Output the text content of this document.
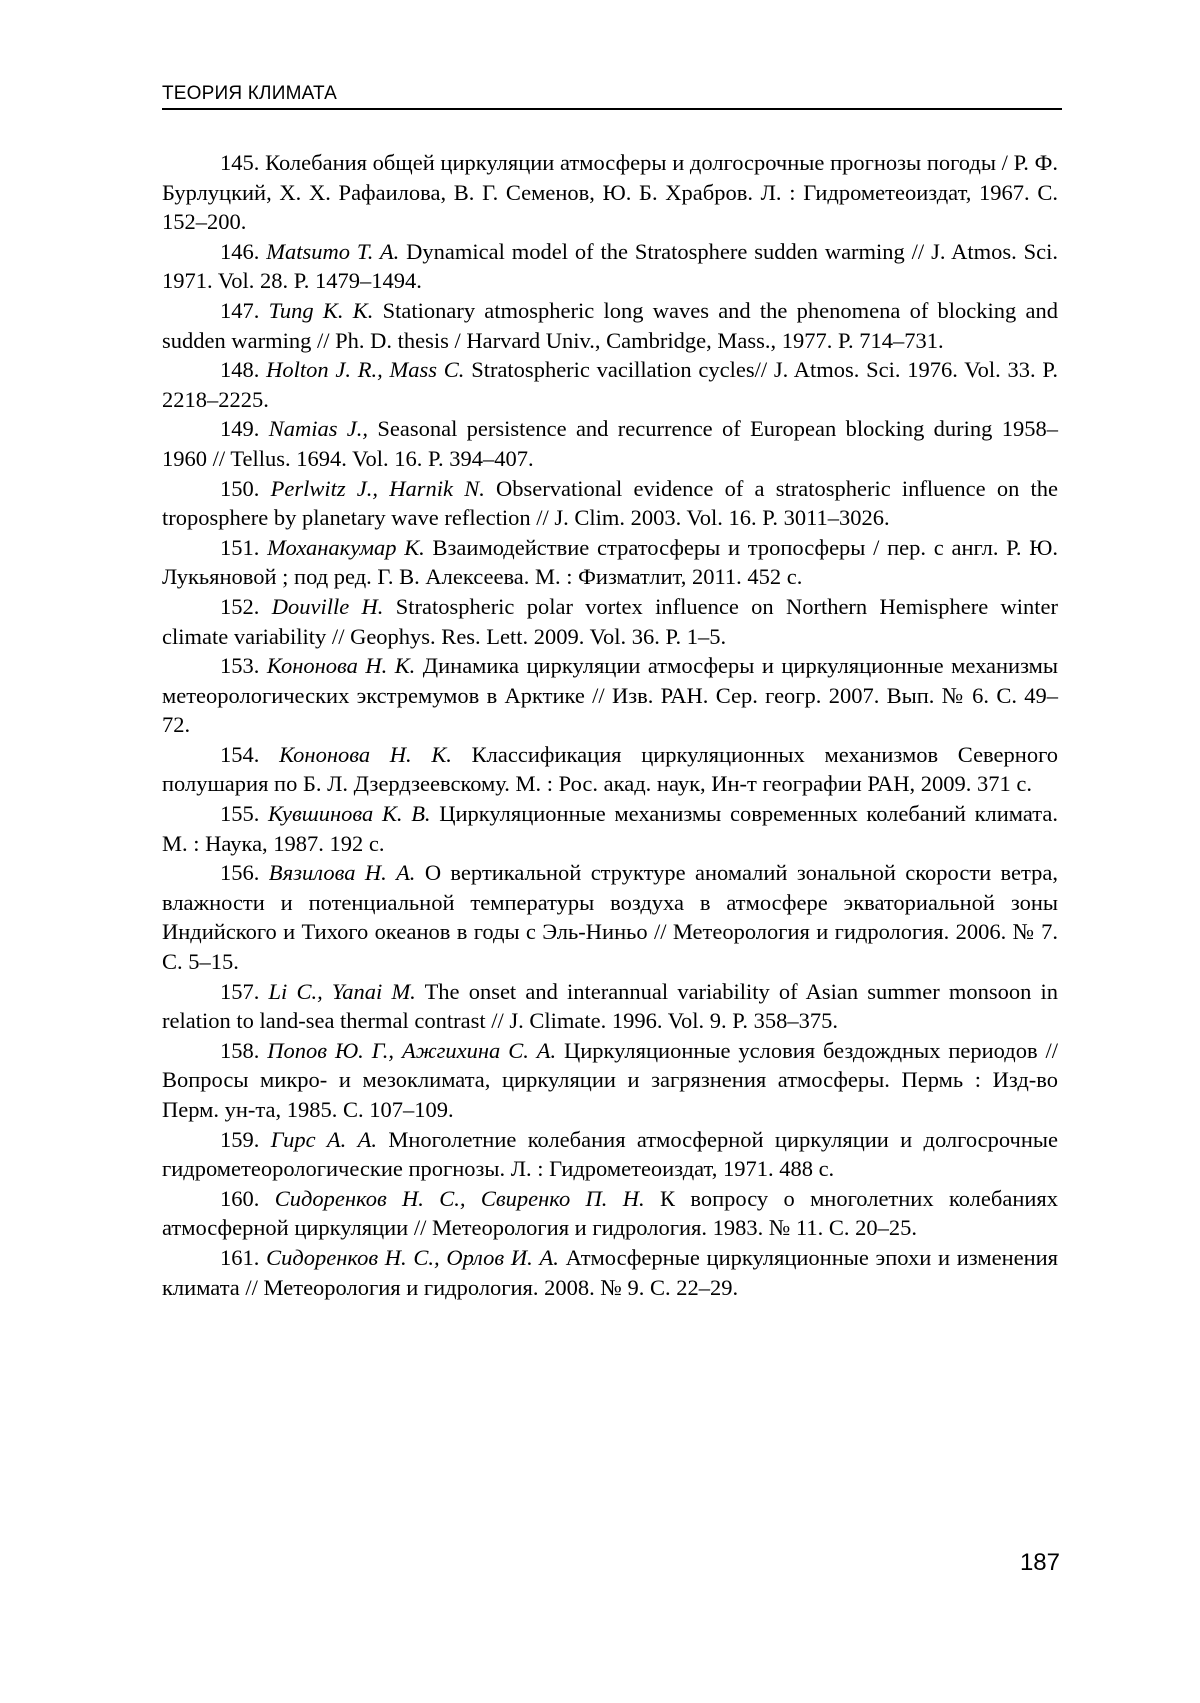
ТЕОРИЯ КЛИМАТА

145. Колебания общей циркуляции атмосферы и долгосрочные прогнозы погоды / Р. Ф. Бурлуцкий, Х. Х. Рафаилова, В. Г. Семенов, Ю. Б. Храбров. Л. : Гидрометеоиздат, 1967. С. 152–200.

146. Matsumo T. A. Dynamical model of the Stratosphere sudden warming // J. Atmos. Sci. 1971. Vol. 28. P. 1479–1494.

147. Tung K. K. Stationary atmospheric long waves and the phenomena of blocking and sudden warming // Ph. D. thesis / Harvard Univ., Cambridge, Mass., 1977. P. 714–731.

148. Holton J. R., Mass C. Stratospheric vacillation cycles// J. Atmos. Sci. 1976. Vol. 33. P. 2218–2225.

149. Namias J., Seasonal persistence and recurrence of European blocking during 1958–1960 // Tellus. 1694. Vol. 16. P. 394–407.

150. Perlwitz J., Harnik N. Observational evidence of a stratospheric influence on the troposphere by planetary wave reflection // J. Clim. 2003. Vol. 16. P. 3011–3026.

151. Моханакумар К. Взаимодействие стратосферы и тропосферы / пер. с англ. Р. Ю. Лукьяновой ; под ред. Г. В. Алексеева. М. : Физматлит, 2011. 452 с.

152. Douville H. Stratospheric polar vortex influence on Northern Hemisphere winter climate variability // Geophys. Res. Lett. 2009. Vol. 36. P. 1–5.

153. Кононова Н. К. Динамика циркуляции атмосферы и циркуляционные механизмы метеорологических экстремумов в Арктике // Изв. РАН. Сер. геогр. 2007. Вып. № 6. С. 49–72.

154. Кононова Н. К. Классификация циркуляционных механизмов Северного полушария по Б. Л. Дзердзеевскому. М. : Рос. акад. наук, Ин-т географии РАН, 2009. 371 с.

155. Кувшинова К. В. Циркуляционные механизмы современных колебаний климата. М. : Наука, 1987. 192 с.

156. Вязилова Н. А. О вертикальной структуре аномалий зональной скорости ветра, влажности и потенциальной температуры воздуха в атмосфере экваториальной зоны Индийского и Тихого океанов в годы с Эль-Ниньо // Метеорология и гидрология. 2006. № 7. С. 5–15.

157. Li C., Yanai M. The onset and interannual variability of Asian summer monsoon in relation to land-sea thermal contrast // J. Climate. 1996. Vol. 9. P. 358–375.

158. Попов Ю. Г., Ажгихина С. А. Циркуляционные условия бездождных периодов // Вопросы микро- и мезоклимата, циркуляции и загрязнения атмосферы. Пермь : Изд-во Перм. ун-та, 1985. С. 107–109.

159. Гирс А. А. Многолетние колебания атмосферной циркуляции и долгосрочные гидрометеорологические прогнозы. Л. : Гидрометеоиздат, 1971. 488 с.

160. Сидоренков Н. С., Свиренко П. Н. К вопросу о многолетних колебаниях атмосферной циркуляции // Метеорология и гидрология. 1983. № 11. С. 20–25.

161. Сидоренков Н. С., Орлов И. А. Атмосферные циркуляционные эпохи и изменения климата // Метеорология и гидрология. 2008. № 9. С. 22–29.

187
